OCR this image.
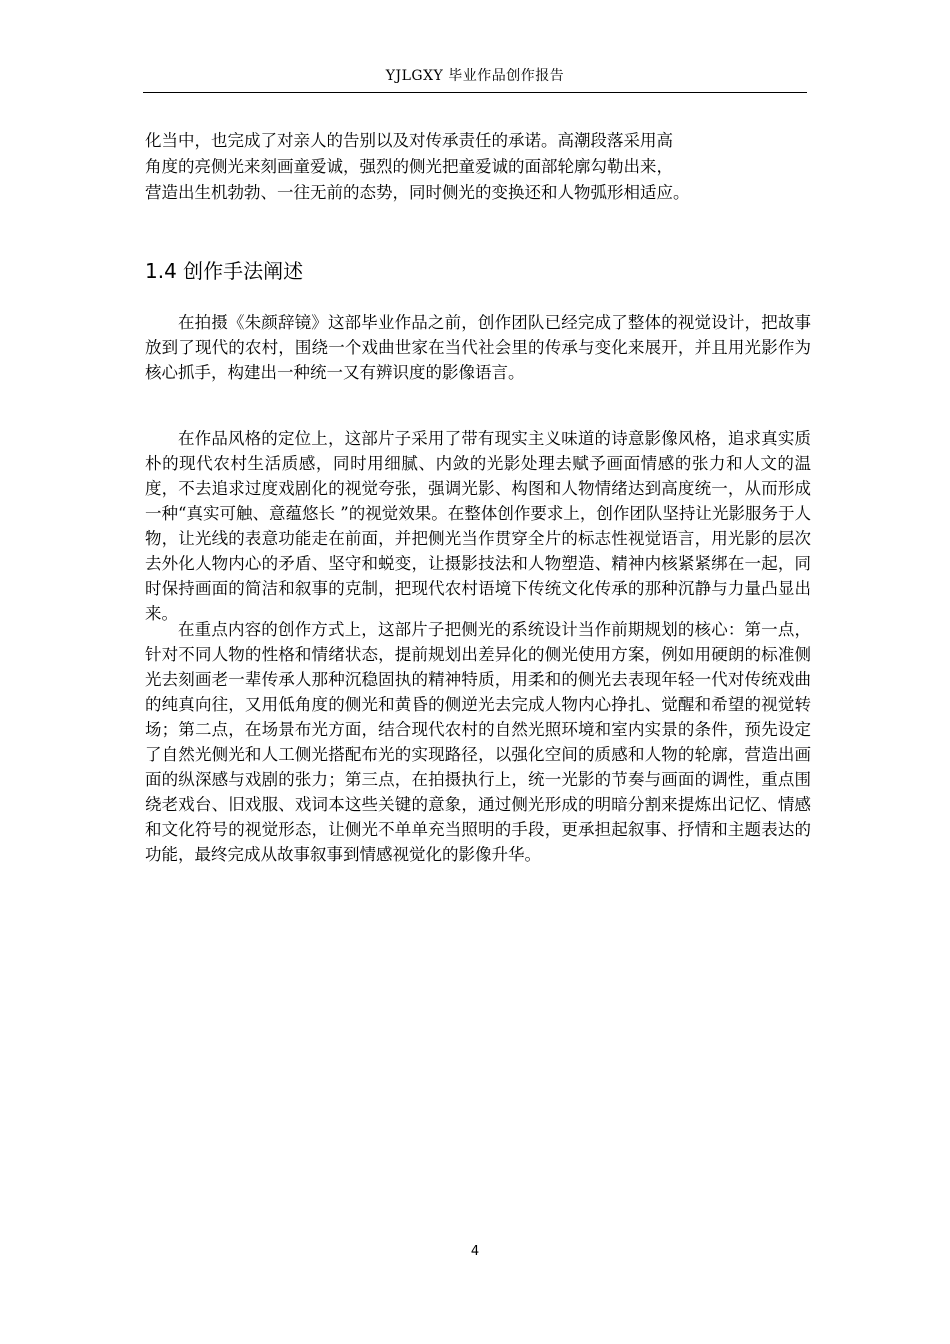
YJLGXY 毕业作品创作报告
化当中，也完成了对亲人的告别以及对传承责任的承诺。高潮段落采用高
角度的亮侧光来刻画童爱诚，强烈的侧光把童爱诚的面部轮廓勾勒出来，
营造出生机勃勃、一往无前的态势，同时侧光的变换还和人物弧形相适应。
1.4 创作手法阐述

在拍摄《朱颜辞镜》这部毕业作品之前，创作团队已经完成了整体的视觉设计，把故事放到了现代的农村，围绕一个戏曲世家在当代社会里的传承与变化来展开，并且用光影作为核心抓手，构建出一种统一又有辨识度的影像语言。

在作品风格的定位上，这部片子采用了带有现实主义味道的诗意影像风格，追求真实质朴的现代农村生活质感，同时用细腻、内敛的光影处理去赋予画面情感的张力和人文的温度，不去追求过度戏剧化的视觉夸张，强调光影、构图和人物情绪达到高度统一，从而形成一种“真实可触、意蕴悠长 ”的视觉效果。在整体创作要求上，创作团队坚持让光影服务于人物，让光线的表意功能走在前面，并把侧光当作贯穿全片的标志性视觉语言，用光影的层次去外化人物内心的矛盾、坚守和蜕变，让摄影技法和人物塑造、精神内核紧紧绑在一起，同时保持画面的简洁和叙事的克制，把现代农村语境下传统文化传承的那种沉静与力量凸显出来。

在重点内容的创作方式上，这部片子把侧光的系统设计当作前期规划的核心：第一点，针对不同人物的性格和情绪状态，提前规划出差异化的侧光使用方案，例如用硬朗的标准侧光去刻画老一辈传承人那种沉稳固执的精神特质，用柔和的侧光去表现年轻一代对传统戏曲的纯真向往，又用低角度的侧光和黄昏的侧逆光去完成人物内心挣扎、觉醒和希望的视觉转场；第二点，在场景布光方面，结合现代农村的自然光照环境和室内实景的条件，预先设定了自然光侧光和人工侧光搭配布光的实现路径，以强化空间的质感和人物的轮廓，营造出画面的纵深感与戏剧的张力；第三点，在拍摄执行上，统一光影的节奏与画面的调性，重点围绕老戏台、旧戏服、戏词本这些关键的意象，通过侧光形成的明暗分割来提炼出记忆、情感和文化符号的视觉形态，让侧光不单单充当照明的手段，更承担起叙事、抒情和主题表达的功能，最终完成从故事叙事到情感视觉化的影像升华。

4
